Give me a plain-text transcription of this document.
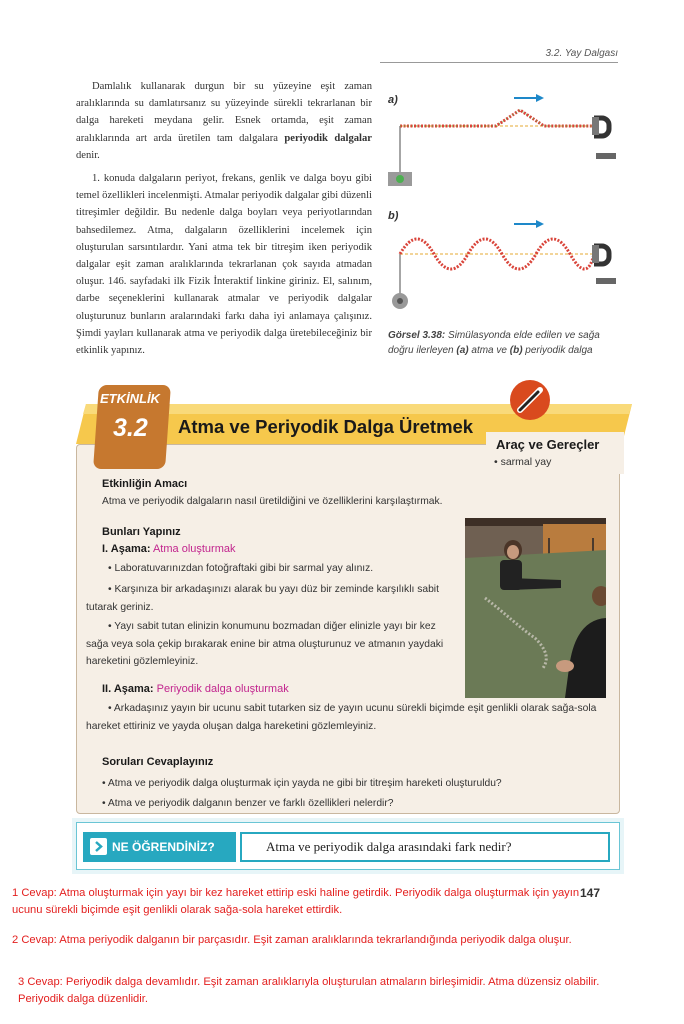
3.2. Yay Dalgası

Damlalık kullanarak durgun bir su yüzeyine eşit zaman aralıklarında su damlatırsanız su yüzeyinde sürekli tekrarlanan bir dalga hareketi meydana gelir. Esnek ortamda, eşit zaman aralıklarında art arda üretilen tam dalgalara periyodik dalgalar denir.

1. konuda dalgaların periyot, frekans, genlik ve dalga boyu gibi temel özellikleri incelenmişti. Atmalar periyodik dalgalar gibi düzenli titreşimler değildir. Bu nedenle dalga boyları veya periyotlarından bahsedilemez. Atma, dalgaların özelliklerini incelemek için oluşturulan sarsıntılardır. Yani atma tek bir titreşim iken periyodik dalgalar eşit zaman aralıklarında tekrarlanan çok sayıda atmadan oluşur. 146. sayfadaki ilk Fizik İnteraktif linkine giriniz. El, salınım, darbe seçeneklerini kullanarak atmalar ve periyodik dalgalar oluşturunuz bunların aralarındaki farkı daha iyi anlamaya çalışınız. Şimdi yayları kullanarak atma ve periyodik dalga üretebileceğiniz bir etkinlik yapınız.

a)
b)
Görsel 3.38: Simülasyonda elde edilen ve sağa doğru ilerleyen (a) atma ve (b) periyodik dalga
ETKİNLİK
3.2 Atma ve Periyodik Dalga Üretmek
Araç ve Gereçler
• sarmal yay
Etkinliğin Amacı
Atma ve periyodik dalgaların nasıl üretildiğini ve özelliklerini karşılaştırmak.
Bunları Yapınız
I. Aşama: Atma oluşturmak
• Laboratuvarınızdan fotoğraftaki gibi bir sarmal yay alınız.
• Karşınıza bir arkadaşınızı alarak bu yayı düz bir zeminde karşılıklı sabit tutarak geriniz.
• Yayı sabit tutan elinizin konumunu bozmadan diğer elinizle yayı bir kez sağa veya sola çekip bırakarak enine bir atma oluşturunuz ve atmanın yaydaki hareketini gözlemleyiniz.
II. Aşama: Periyodik dalga oluşturmak
• Arkadaşınız yayın bir ucunu sabit tutarken siz de yayın ucunu sürekli biçimde eşit genlikli olarak sağa-sola hareket ettiriniz ve yayda oluşan dalga hareketini gözlemleyiniz.
Soruları Cevaplayınız
• Atma ve periyodik dalga oluşturmak için yayda ne gibi bir titreşim hareketi oluşturuldu?
• Atma ve periyodik dalganın benzer ve farklı özellikleri nelerdir?
NE ÖĞRENDİNİZ?	Atma ve periyodik dalga arasındaki fark nedir?
147
1 Cevap: Atma oluşturmak için yayı bir kez hareket ettirip eski haline getirdik. Periyodik dalga oluşturmak için yayın ucunu sürekli biçimde eşit genlikli olarak sağa-sola hareket ettirdik.
2 Cevap: Atma periyodik dalganın bir parçasıdır. Eşit zaman aralıklarında tekrarlandığında periyodik dalga oluşur.
3 Cevap: Periyodik dalga devamlıdır. Eşit zaman aralıklarıyla oluşturulan atmaların birleşimidir. Atma düzensiz olabilir. Periyodik dalga düzenlidir.
